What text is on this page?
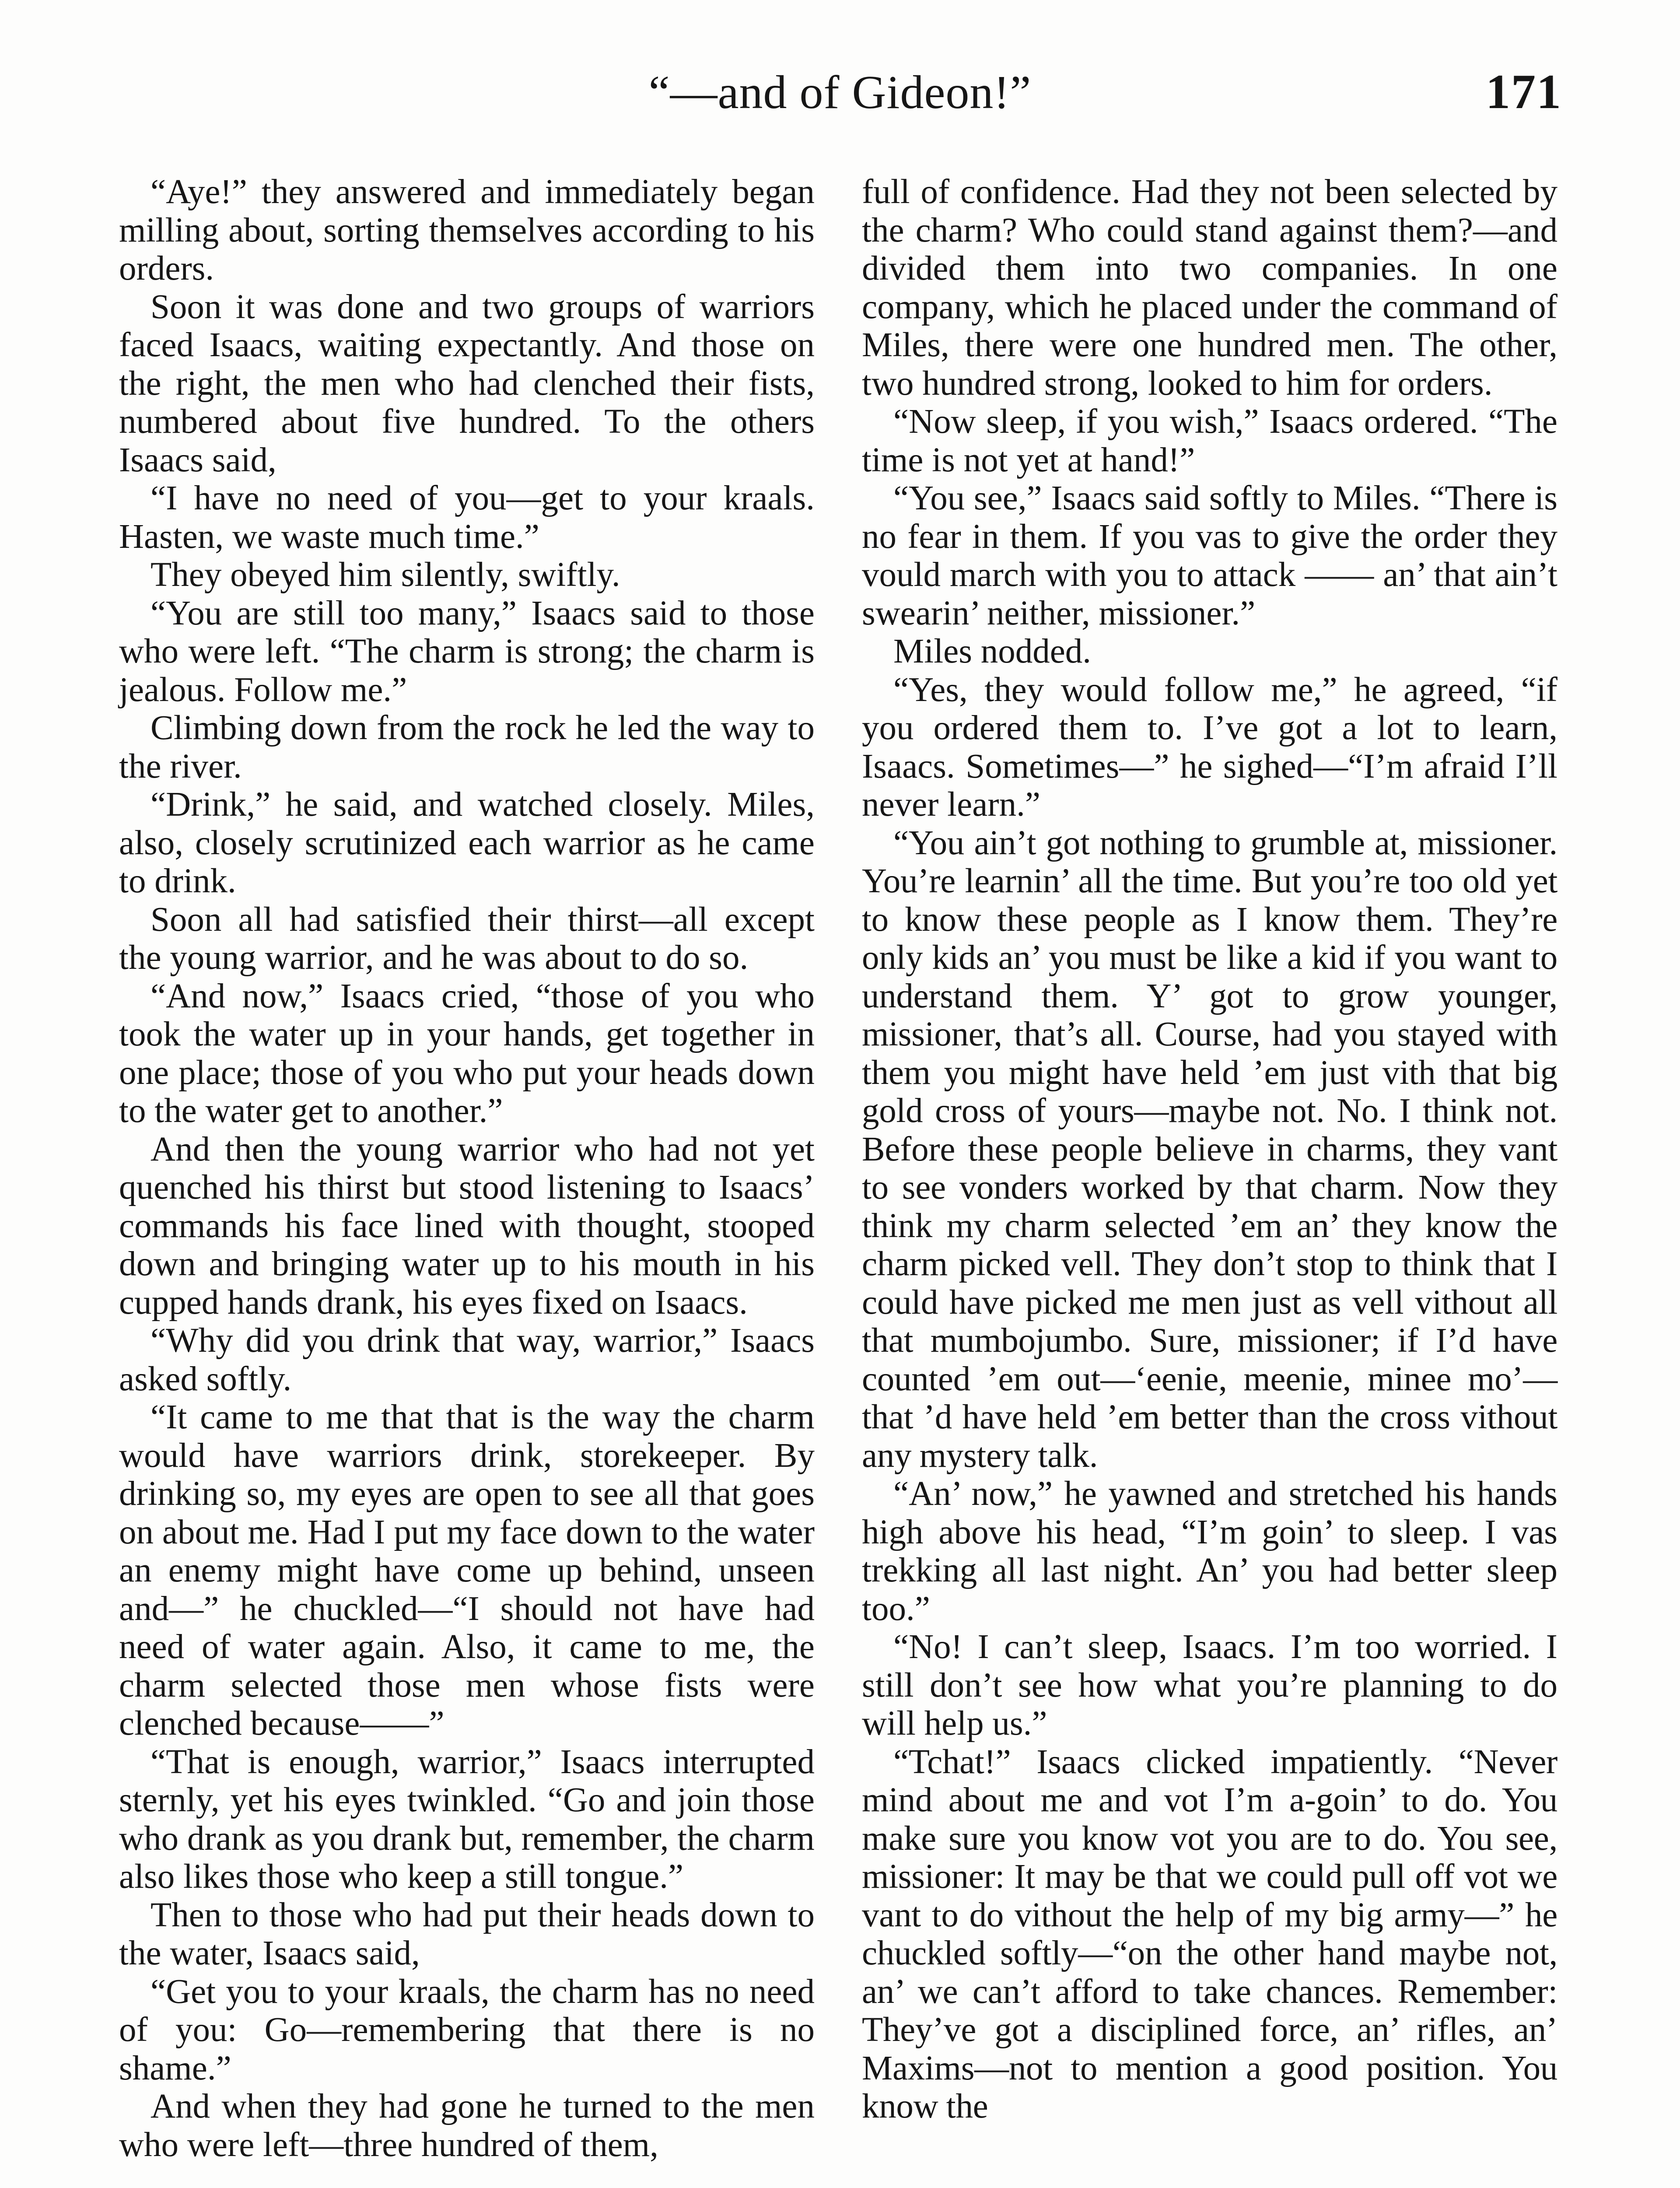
“—and of Gideon!”	171

“Aye!” they answered and immediately began milling about, sorting themselves according to his orders.

Soon it was done and two groups of warriors faced Isaacs, waiting expectantly. And those on the right, the men who had clenched their fists, numbered about five hundred. To the others Isaacs said,

“I have no need of you—get to your kraals. Hasten, we waste much time.”

They obeyed him silently, swiftly.

“You are still too many,” Isaacs said to those who were left. “The charm is strong; the charm is jealous. Follow me.”

Climbing down from the rock he led the way to the river.

“Drink,” he said, and watched closely. Miles, also, closely scrutinized each warrior as he came to drink.

Soon all had satisfied their thirst—all except the young warrior, and he was about to do so.

“And now,” Isaacs cried, “those of you who took the water up in your hands, get together in one place; those of you who put your heads down to the water get to another.”

And then the young warrior who had not yet quenched his thirst but stood listening to Isaacs’ commands his face lined with thought, stooped down and bringing water up to his mouth in his cupped hands drank, his eyes fixed on Isaacs.

“Why did you drink that way, warrior,” Isaacs asked softly.

“It came to me that that is the way the charm would have warriors drink, storekeeper. By drinking so, my eyes are open to see all that goes on about me. Had I put my face down to the water an enemy might have come up behind, unseen and—” he chuckled—“I should not have had need of water again. Also, it came to me, the charm selected those men whose fists were clenched because——”

“That is enough, warrior,” Isaacs interrupted sternly, yet his eyes twinkled. “Go and join those who drank as you drank but, remember, the charm also likes those who keep a still tongue.”

Then to those who had put their heads down to the water, Isaacs said,

“Get you to your kraals, the charm has no need of you: Go—remembering that there is no shame.”

And when they had gone he turned to the men who were left—three hundred of them,

full of confidence. Had they not been selected by the charm? Who could stand against them?—and divided them into two companies. In one company, which he placed under the command of Miles, there were one hundred men. The other, two hundred strong, looked to him for orders.

“Now sleep, if you wish,” Isaacs ordered. “The time is not yet at hand!”

“You see,” Isaacs said softly to Miles. “There is no fear in them. If you vas to give the order they vould march with you to attack —— an’ that ain’t swearin’ neither, missioner.”

Miles nodded.

“Yes, they would follow me,” he agreed, “if you ordered them to. I’ve got a lot to learn, Isaacs. Sometimes—” he sighed—“I’m afraid I’ll never learn.”

“You ain’t got nothing to grumble at, missioner. You’re learnin’ all the time. But you’re too old yet to know these people as I know them. They’re only kids an’ you must be like a kid if you want to understand them. Y’ got to grow younger, missioner, that’s all. Course, had you stayed with them you might have held ’em just vith that big gold cross of yours—maybe not. No. I think not. Before these people believe in charms, they vant to see vonders worked by that charm. Now they think my charm selected ’em an’ they know the charm picked vell. They don’t stop to think that I could have picked me men just as vell vithout all that mumbojumbo. Sure, missioner; if I’d have counted ’em out—‘eenie, meenie, minee mo’—that ’d have held ’em better than the cross vithout any mystery talk.

“An’ now,” he yawned and stretched his hands high above his head, “I’m goin’ to sleep. I vas trekking all last night. An’ you had better sleep too.”

“No! I can’t sleep, Isaacs. I’m too worried. I still don’t see how what you’re planning to do will help us.”

“Tchat!” Isaacs clicked impatiently. “Never mind about me and vot I’m a-goin’ to do. You make sure you know vot you are to do. You see, missioner: It may be that we could pull off vot we vant to do vithout the help of my big army—” he chuckled softly—“on the other hand maybe not, an’ we can’t afford to take chances. Remember: They’ve got a disciplined force, an’ rifles, an’ Maxims—not to mention a good position. You know the
